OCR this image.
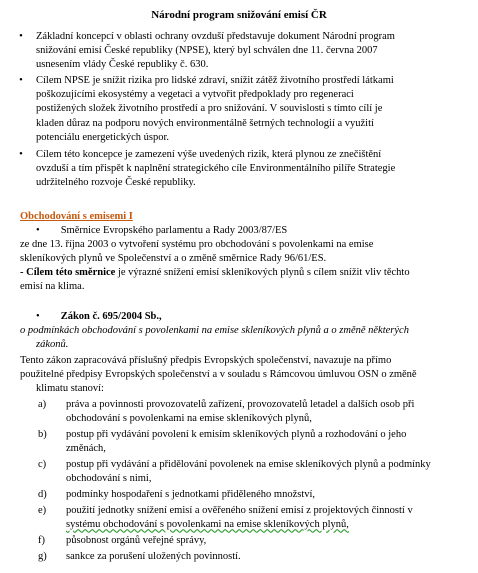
Národní program snižování emisí ČR
•	Základní koncepcí v oblasti ochrany ovzduší představuje dokument Národní program

snižování emisí České republiky (NPSE), který byl schválen dne 11. června 2007

usnesením vlády České republiky č. 630.

•	Cílem NPSE je snížit rizika pro lidské zdraví, snížit zátěž životního prostředí látkami

poškozujícími ekosystémy a vegetaci a vytvořit předpoklady pro regeneraci

postižených složek životního prostředí a pro snižování. V souvislosti s tímto cílí je

kladen důraz na podporu nových environmentálně šetrných technologií a využití

potenciálu energetických úspor.

•	Cílem této koncepce je zamezení výše uvedených rizik, která plynou ze znečištění

ovzduší a tím přispět k naplnění strategického cíle Environmentálního pilíře Strategie

udržitelného rozvoje České republiky.

Obchodování s emisemi I
•        Směrnice Evropského parlamentu a Rady 2003/87/ES

ze dne 13. října 2003 o vytvoření systému pro obchodování s povolenkami na emise

skleníkových plynů ve Společenství a o změně směrnice Rady 96/61/ES.

- Cílem této směrnice je výrazné snížení emisí skleníkových plynů s cílem snížit vliv těchto

emisí na klima.

•        Zákon č. 695/2004 Sb.,

o podmínkách obchodování s povolenkami na emise skleníkových plynů a o změně některých

zákonů.

Tento zákon zapracovává příslušný předpis Evropských společenství, navazuje na přímo

použitelné předpisy Evropských společenství a v souladu s Rámcovou úmluvou OSN o změně

klimatu stanoví:

a)	práva a povinnosti provozovatelů zařízení, provozovatelů letadel a dalších osob při
obchodování s povolenkami na emise skleníkových plynů,
b)	postup při vydávání povolení k emisím skleníkových plynů a rozhodování o jeho
změnách,
c)	postup při vydávání a přidělování povolenek na emise skleníkových plynů a podmínky
obchodování s nimi,
d)	podmínky hospodaření s jednotkami přiděleného množství,
e)	použití jednotky snížení emisí a ověřeného snížení emisí z projektových činností v
systému obchodování s povolenkami na emise skleníkových plynů,
f)	působnost orgánů veřejné správy,
g)	sankce za porušení uložených povinností.
